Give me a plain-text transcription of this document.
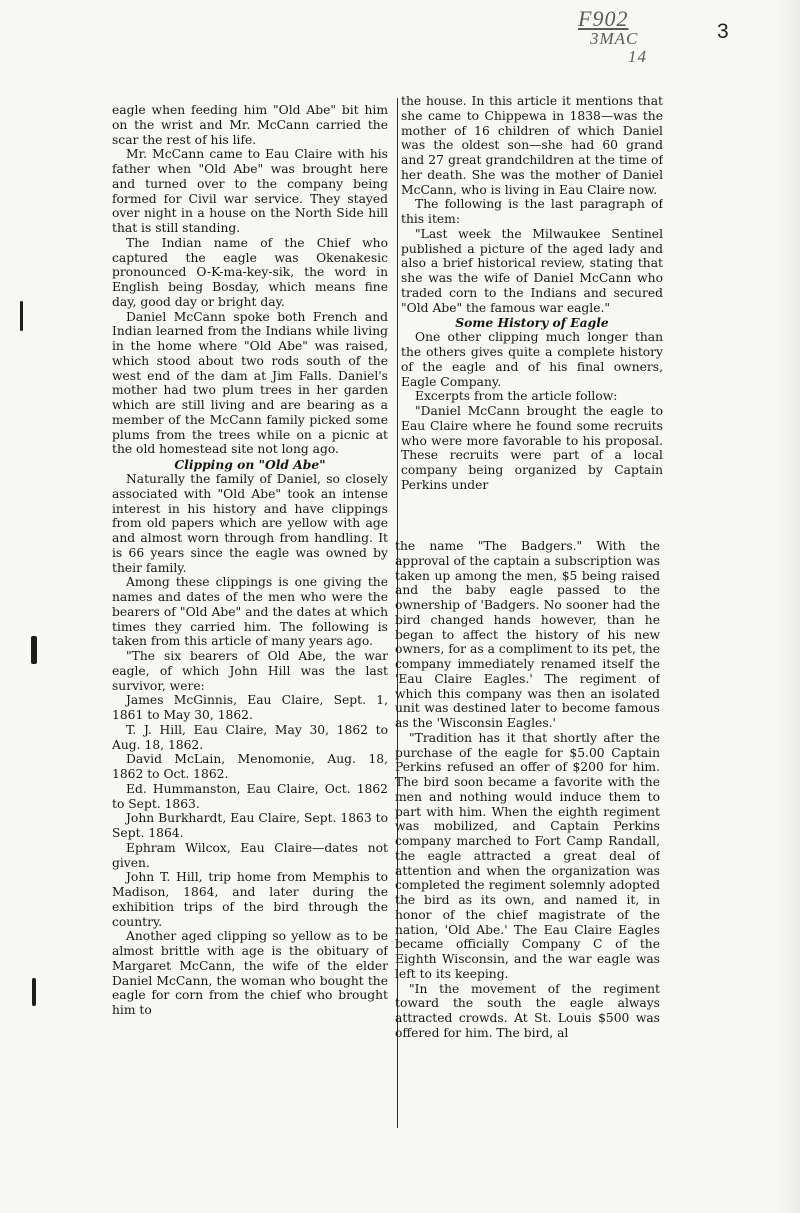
F902
3MAC
14
3

eagle when feeding him "Old Abe" bit him on the wrist and Mr. McCann carried the scar the rest of his life.

Mr. McCann came to Eau Claire with his father when "Old Abe" was brought here and turned over to the company being formed for Civil war service. They stayed over night in a house on the North Side hill that is still standing.

The Indian name of the Chief who captured the eagle was Okenakesic pronounced O-K-ma-key-sik, the word in English being Bosday, which means fine day, good day or bright day.

Daniel McCann spoke both French and Indian learned from the Indians while living in the home where "Old Abe" was raised, which stood about two rods south of the west end of the dam at Jim Falls. Daniel's mother had two plum trees in her garden which are still living and are bearing as a member of the McCann family picked some plums from the trees while on a picnic at the old homestead site not long ago.

Clipping on "Old Abe"

Naturally the family of Daniel, so closely associated with "Old Abe" took an intense interest in his history and have clippings from old papers which are yellow with age and almost worn through from handling. It is 66 years since the eagle was owned by their family.

Among these clippings is one giving the names and dates of the men who were the bearers of "Old Abe" and the dates at which times they carried him. The following is taken from this article of many years ago.

"The six bearers of Old Abe, the war eagle, of which John Hill was the last survivor, were:

James McGinnis, Eau Claire, Sept. 1, 1861 to May 30, 1862.

T. J. Hill, Eau Claire, May 30, 1862 to Aug. 18, 1862.

David McLain, Menomonie, Aug. 18, 1862 to Oct. 1862.

Ed. Hummanston, Eau Claire, Oct. 1862 to Sept. 1863.

John Burkhardt, Eau Claire, Sept. 1863 to Sept. 1864.

Ephram Wilcox, Eau Claire—dates not given.

John T. Hill, trip home from Memphis to Madison, 1864, and later during the exhibition trips of the bird through the country.

Another aged clipping so yellow as to be almost brittle with age is the obituary of Margaret McCann, the wife of the elder Daniel McCann, the woman who bought the eagle for corn from the chief who brought him to

the house. In this article it mentions that she came to Chippewa in 1838—was the mother of 16 children of which Daniel was the oldest son—she had 60 grand and 27 great grandchildren at the time of her death. She was the mother of Daniel McCann, who is living in Eau Claire now.

The following is the last paragraph of this item:

"Last week the Milwaukee Sentinel published a picture of the aged lady and also a brief historical review, stating that she was the wife of Daniel McCann who traded corn to the Indians and secured "Old Abe" the famous war eagle."

Some History of Eagle

One other clipping much longer than the others gives quite a complete history of the eagle and of his final owners, Eagle Company.

Excerpts from the article follow:

"Daniel McCann brought the eagle to Eau Claire where he found some recruits who were more favorable to his proposal. These recruits were part of a local company being organized by Captain Perkins under

the name "The Badgers." With the approval of the captain a subscription was taken up among the men, $5 being raised and the baby eagle passed to the ownership of 'Badgers. No sooner had the bird changed hands however, than he began to affect the history of his new owners, for as a compliment to its pet, the company immediately renamed itself the 'Eau Claire Eagles.' The regiment of which this company was then an isolated unit was destined later to become famous as the 'Wisconsin Eagles.'

"Tradition has it that shortly after the purchase of the eagle for $5.00 Captain Perkins refused an offer of $200 for him. The bird soon became a favorite with the men and nothing would induce them to part with him. When the eighth regiment was mobilized, and Captain Perkins company marched to Fort Camp Randall, the eagle attracted a great deal of attention and when the organization was completed the regiment solemnly adopted the bird as its own, and named it, in honor of the chief magistrate of the nation, 'Old Abe.' The Eau Claire Eagles became officially Company C of the Eighth Wisconsin, and the war eagle was left to its keeping.

"In the movement of the regiment toward the south the eagle always attracted crowds. At St. Louis $500 was offered for him. The bird, al
